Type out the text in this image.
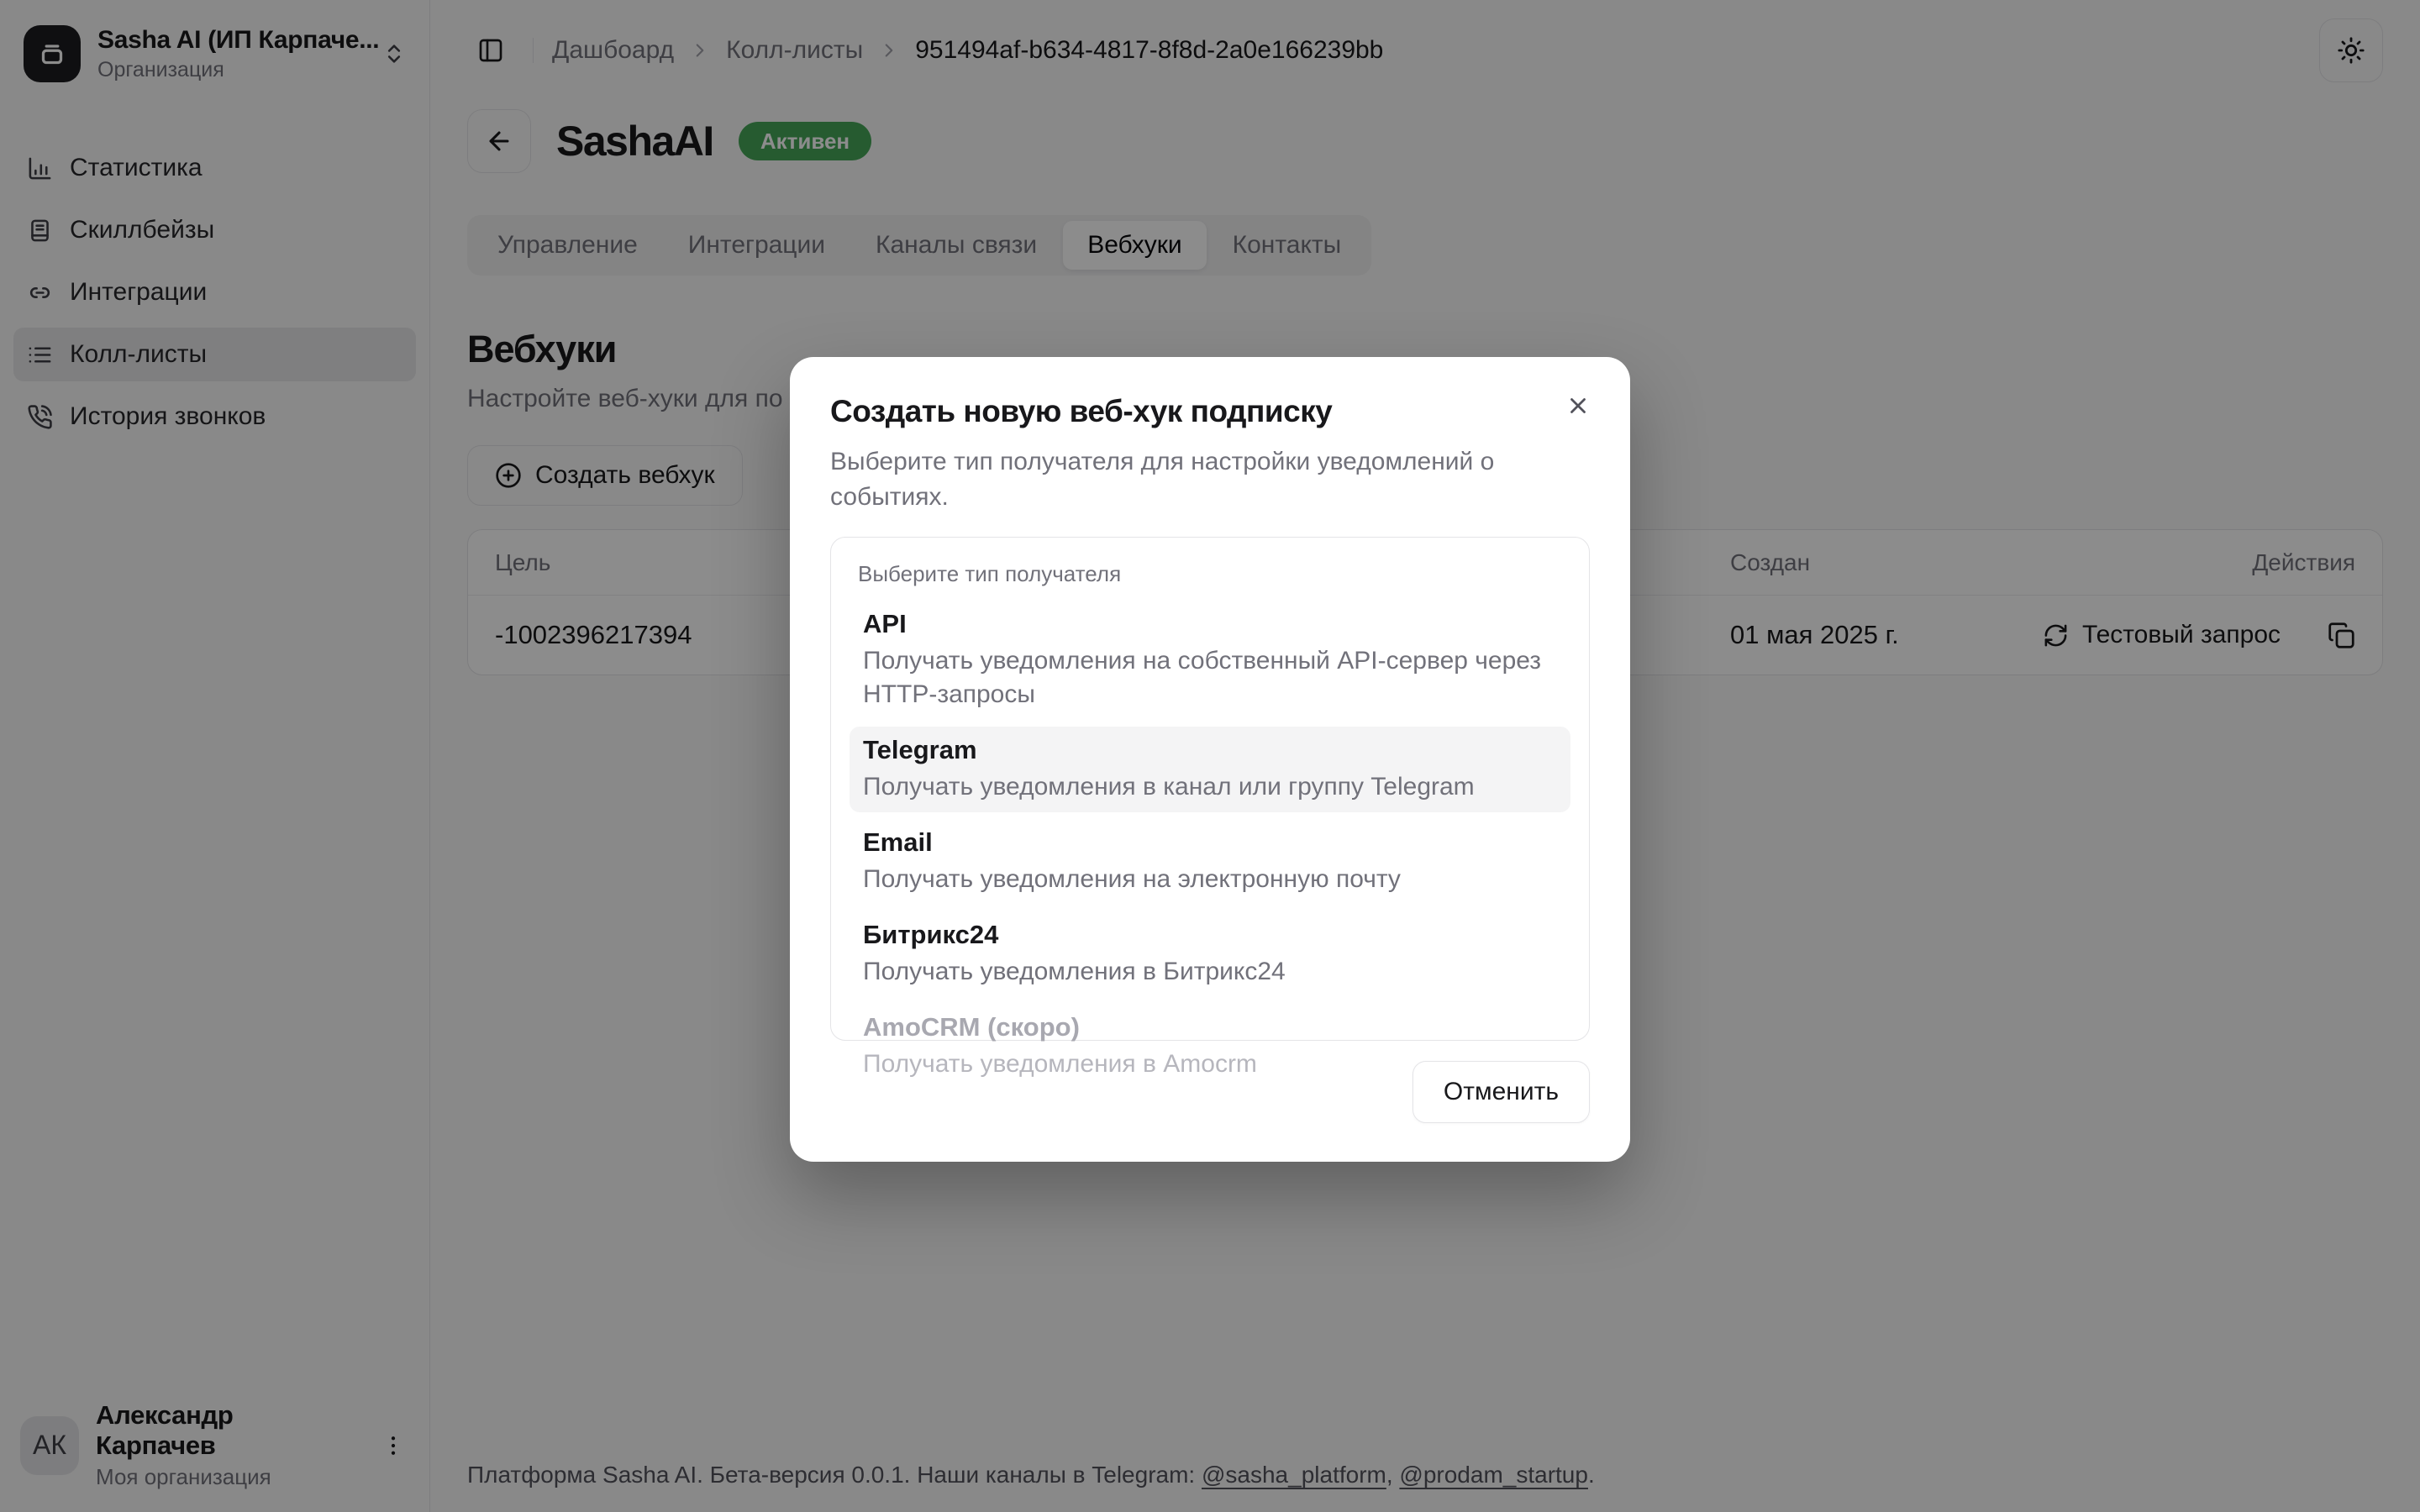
Sasha AI (ИП Карпаче...
Организация
Статистика
Скиллбейзы
Интеграции
Колл-листы
История звонков
АК
Александр Карпачев
Моя организация
Дашбоард Колл-листы 951494af-b634-4817-8f8d-2a0e166239bb
SashaAI	Активен
Управление	Интеграции	Каналы связи	Вебхуки	Контакты
Вебхуки

Настройте веб-хуки для по

Создать вебхук
Цель	Создан	Действия
-1002396217394	01 мая 2025 г.	Тестовый запрос
Платформа Sasha AI. Бета-версия 0.0.1. Наши каналы в Telegram: @sasha_platform, @prodam_startup.
Создать новую веб-хук подписку

Выберите тип получателя для настройки уведомлений о событиях.

Выберите тип получателя
API
Получать уведомления на собственный API-сервер через HTTP-запросы
Telegram
Получать уведомления в канал или группу Telegram
Email
Получать уведомления на электронную почту
Битрикс24
Получать уведомления в Битрикс24
AmoCRM (скоро)
Получать уведомления в Amocrm
Отменить
